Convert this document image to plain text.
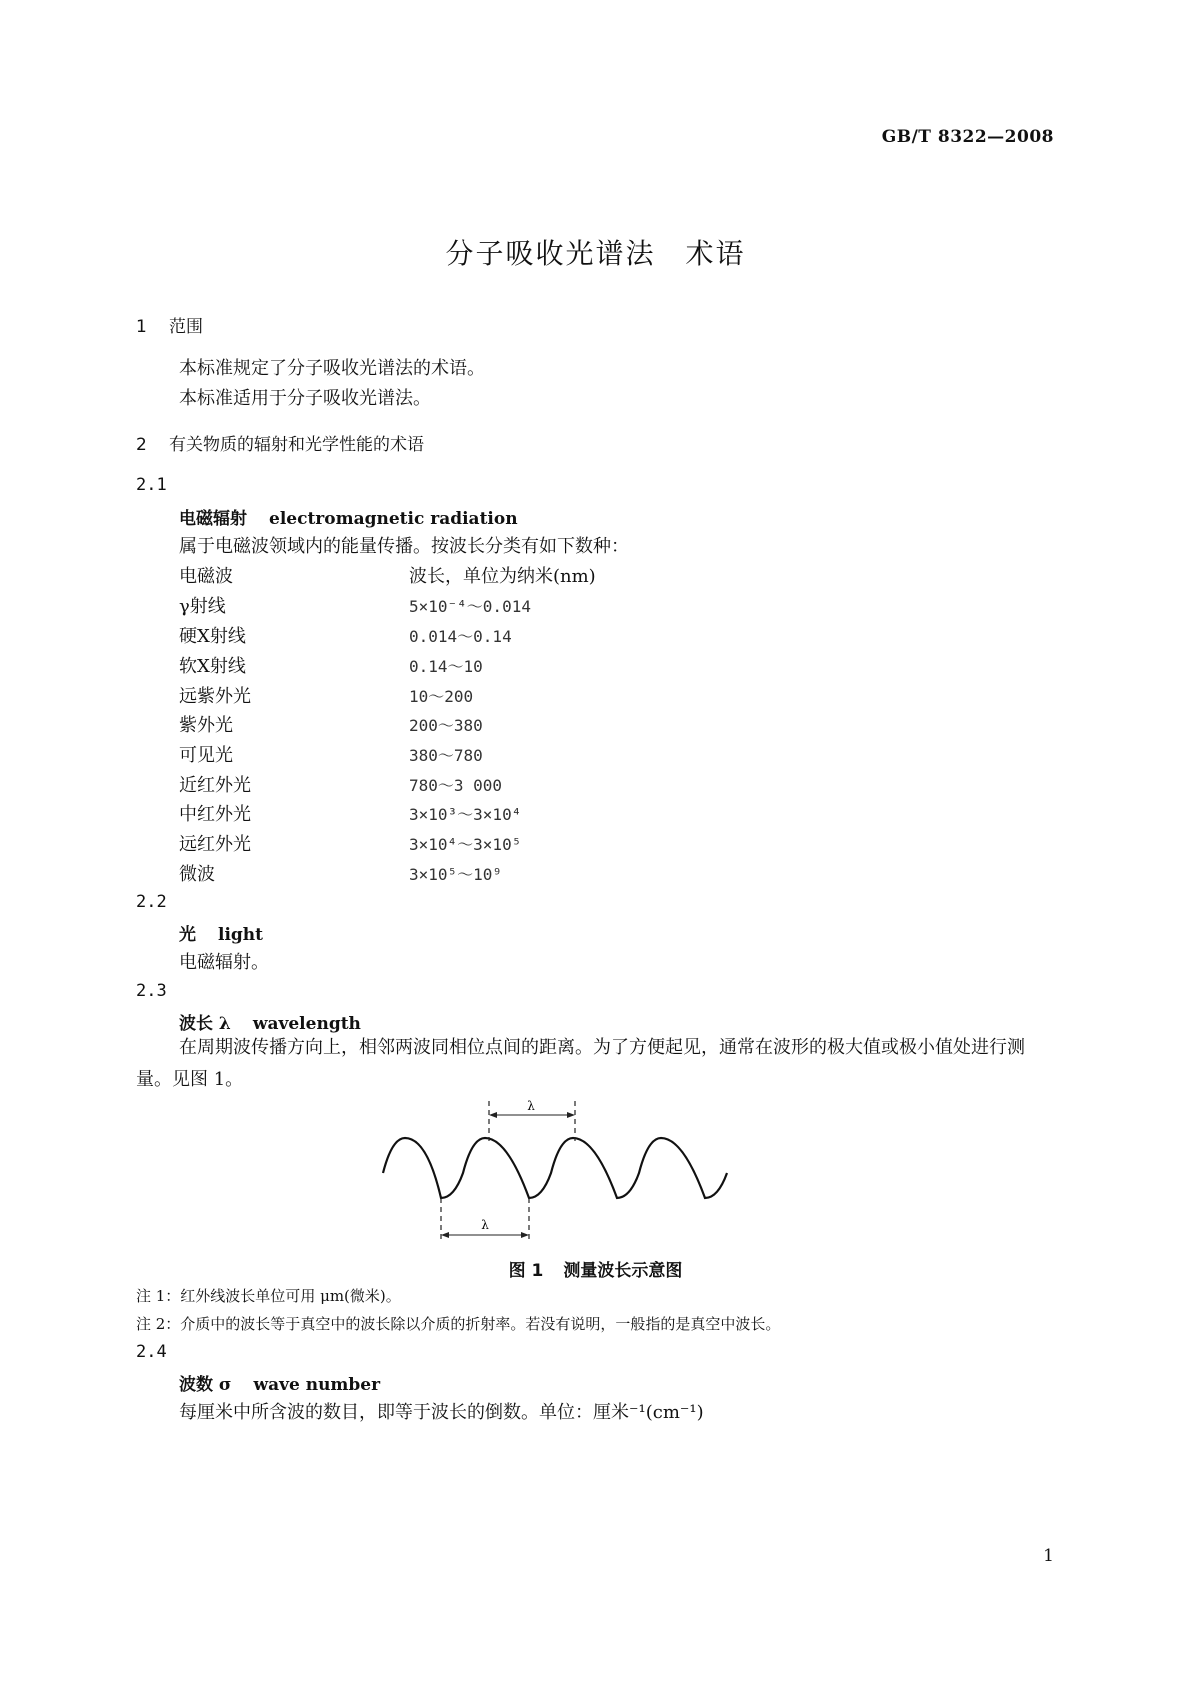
GB/T 8322—2008
分子吸收光谱法　术语
1 范围
本标准规定了分子吸收光谱法的术语。
本标准适用于分子吸收光谱法。
2 有关物质的辐射和光学性能的术语
2.1
电磁辐射 electromagnetic radiation
属于电磁波领域内的能量传播。按波长分类有如下数种：
电磁波	波长，单位为纳米(nm)
γ射线	5×10⁻⁴～0.014
硬X射线	0.014～0.14
软X射线	0.14～10
远紫外光	10～200
紫外光	200～380
可见光	380～780
近红外光	780～3 000
中红外光	3×10³～3×10⁴
远红外光	3×10⁴～3×10⁵
微波	3×10⁵～10⁹
2.2
光 light
电磁辐射。
2.3
波长 λ wavelength
在周期波传播方向上，相邻两波同相位点间的距离。为了方便起见，通常在波形的极大值或极小值处进行测量。见图 1。
λ
λ
图 1 测量波长示意图
注 1：红外线波长单位可用 μm(微米)。
注 2：介质中的波长等于真空中的波长除以介质的折射率。若没有说明，一般指的是真空中波长。
2.4
波数 σ wave number
每厘米中所含波的数目，即等于波长的倒数。单位：厘米⁻¹(cm⁻¹)
1
